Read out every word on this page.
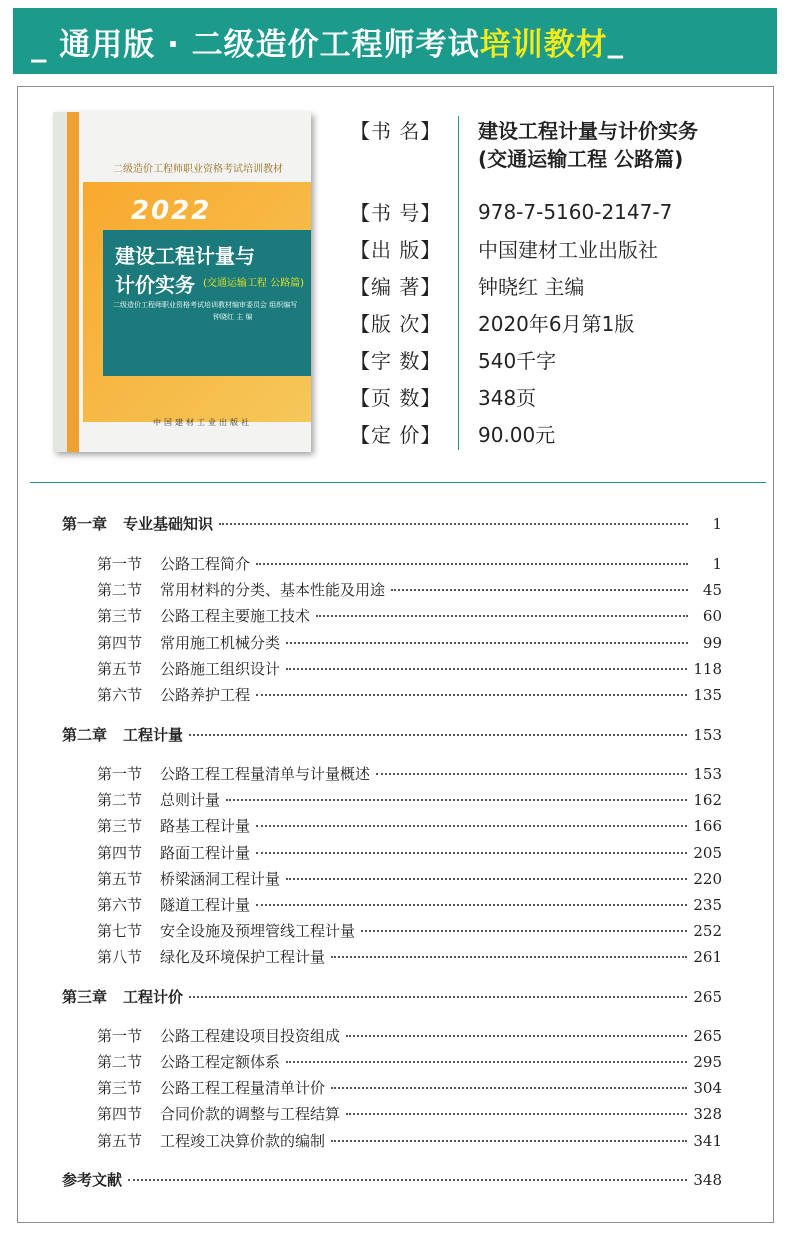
_ 通用版 · 二级造价工程师考试 培训教材 _
二级造价工程师职业资格考试培训教材
2022
建设工程计量与
计价实务 (交通运输工程 公路篇)
二级造价工程师职业资格考试培训教材编审委员会 组织编写
钟晓红 主 编
中国建材工业出版社
【书 名】	建设工程计量与计价实务
(交通运输工程 公路篇)
【书 号】	978-7-5160-2147-7
【出 版】	中国建材工业出版社
【编 著】	钟晓红 主编
【版 次】	2020年6月第1版
【字 数】	540千字
【页 数】	348页
【定 价】	90.00元
第一章 专业基础知识	1
第一节 公路工程简介	1
第二节 常用材料的分类、基本性能及用途	45
第三节 公路工程主要施工技术	60
第四节 常用施工机械分类	99
第五节 公路施工组织设计	118
第六节 公路养护工程	135
第二章 工程计量	153
第一节 公路工程工程量清单与计量概述	153
第二节 总则计量	162
第三节 路基工程计量	166
第四节 路面工程计量	205
第五节 桥梁涵洞工程计量	220
第六节 隧道工程计量	235
第七节 安全设施及预埋管线工程计量	252
第八节 绿化及环境保护工程计量	261
第三章 工程计价	265
第一节 公路工程建设项目投资组成	265
第二节 公路工程定额体系	295
第三节 公路工程工程量清单计价	304
第四节 合同价款的调整与工程结算	328
第五节 工程竣工决算价款的编制	341
参考文献	348
